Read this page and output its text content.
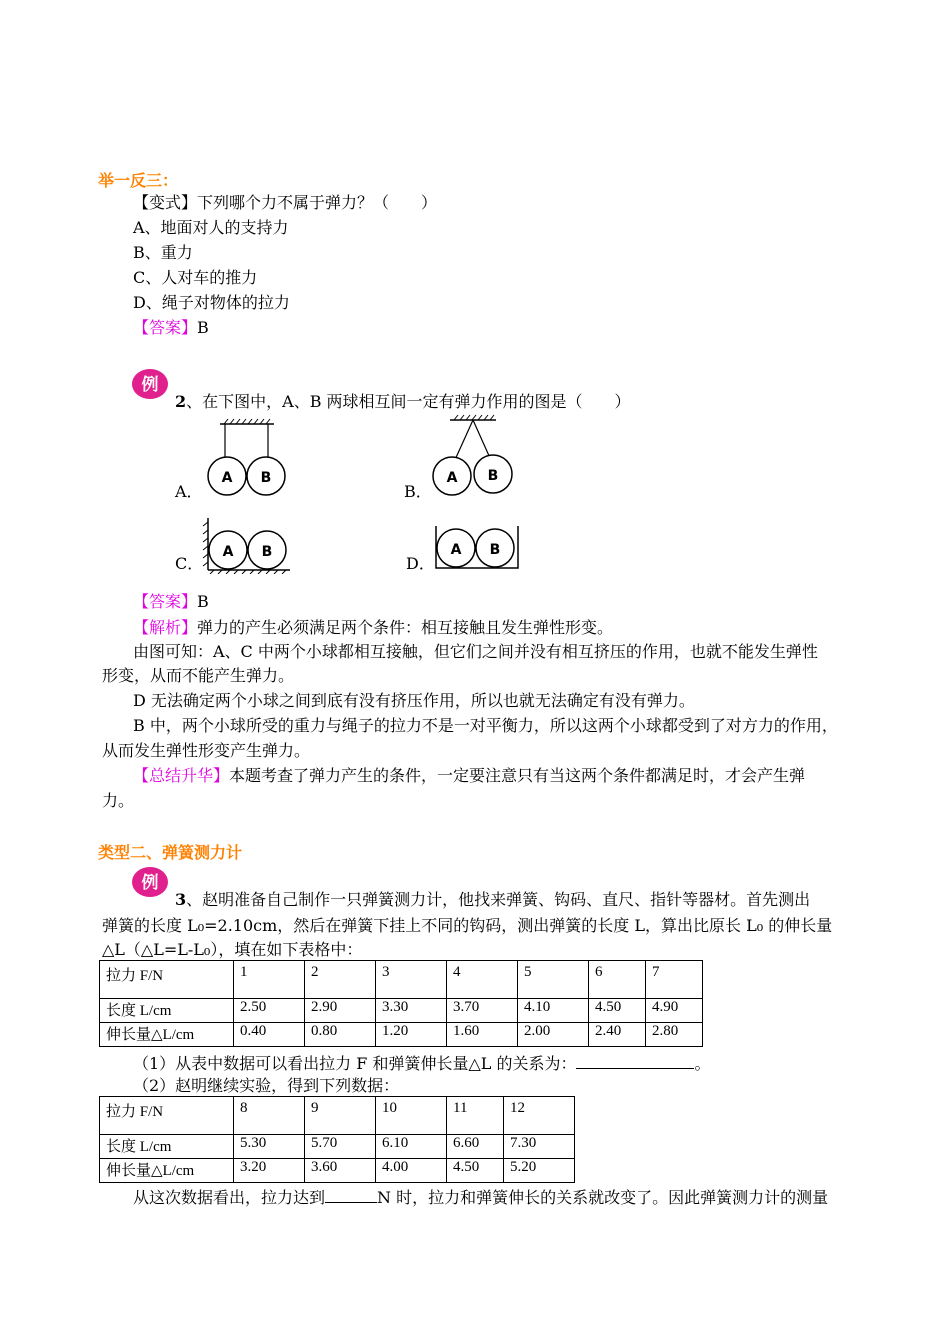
举一反三：
【变式】下列哪个力不属于弹力？（　　）
A、地面对人的支持力
B、重力
C、人对车的推力
D、绳子对物体的拉力
【答案】B
例
2、在下图中，A、B 两球相互间一定有弹力作用的图是（　　）
A．
A B
B．
A B
C．
A B
D．
A B
【答案】B
【解析】弹力的产生必须满足两个条件：相互接触且发生弹性形变。
由图可知：A、C 中两个小球都相互接触，但它们之间并没有相互挤压的作用，也就不能发生弹性
形变，从而不能产生弹力。
D 无法确定两个小球之间到底有没有挤压作用，所以也就无法确定有没有弹力。
B 中，两个小球所受的重力与绳子的拉力不是一对平衡力，所以这两个小球都受到了对方力的作用，
从而发生弹性形变产生弹力。
【总结升华】本题考查了弹力产生的条件，一定要注意只有当这两个条件都满足时，才会产生弹
力。
类型二、弹簧测力计
例
3、赵明准备自己制作一只弹簧测力计，他找来弹簧、钩码、直尺、指针等器材。首先测出
弹簧的长度 L₀=2.10cm，然后在弹簧下挂上不同的钩码，测出弹簧的长度 L，算出比原长 L₀ 的伸长量
△L（△L=L-L₀），填在如下表格中：
拉力 F/N	1	2	3	4	5	6	7
长度 L/cm	2.50	2.90	3.30	3.70	4.10	4.50	4.90
伸长量△L/cm	0.40	0.80	1.20	1.60	2.00	2.40	2.80
（1）从表中数据可以看出拉力 F 和弹簧伸长量△L 的关系为：	。
（2）赵明继续实验，得到下列数据：
拉力 F/N	8	9	10	11	12
长度 L/cm	5.30	5.70	6.10	6.60	7.30
伸长量△L/cm	3.20	3.60	4.00	4.50	5.20
从这次数据看出，拉力达到	N 时，拉力和弹簧伸长的关系就改变了。因此弹簧测力计的测量
